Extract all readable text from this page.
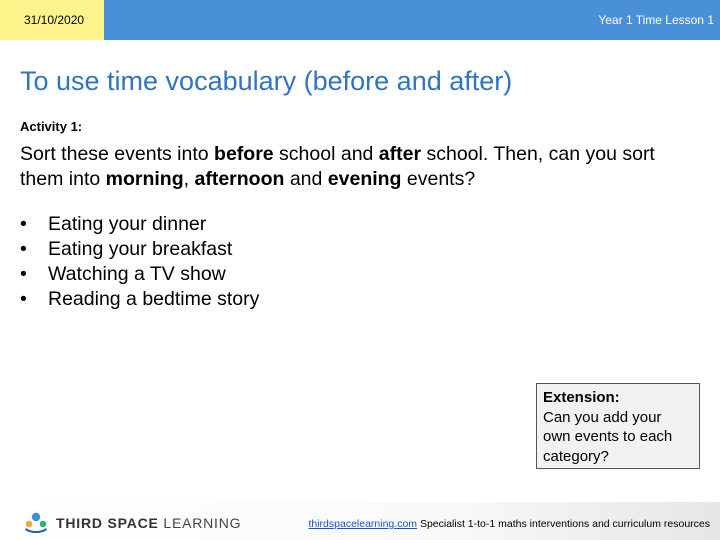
31/10/2020	Year 1 Time Lesson 1
To use time vocabulary (before and after)
Activity 1:
Sort these events into before school and after school. Then, can you sort them into morning, afternoon and evening events?
• Eating your dinner
• Eating your breakfast
• Watching a TV show
• Reading a bedtime story
Extension:
Can you add your own events to each category?
THIRD SPACE LEARNING	thirdspacelearning.com Specialist 1-to-1 maths interventions and curriculum resources
